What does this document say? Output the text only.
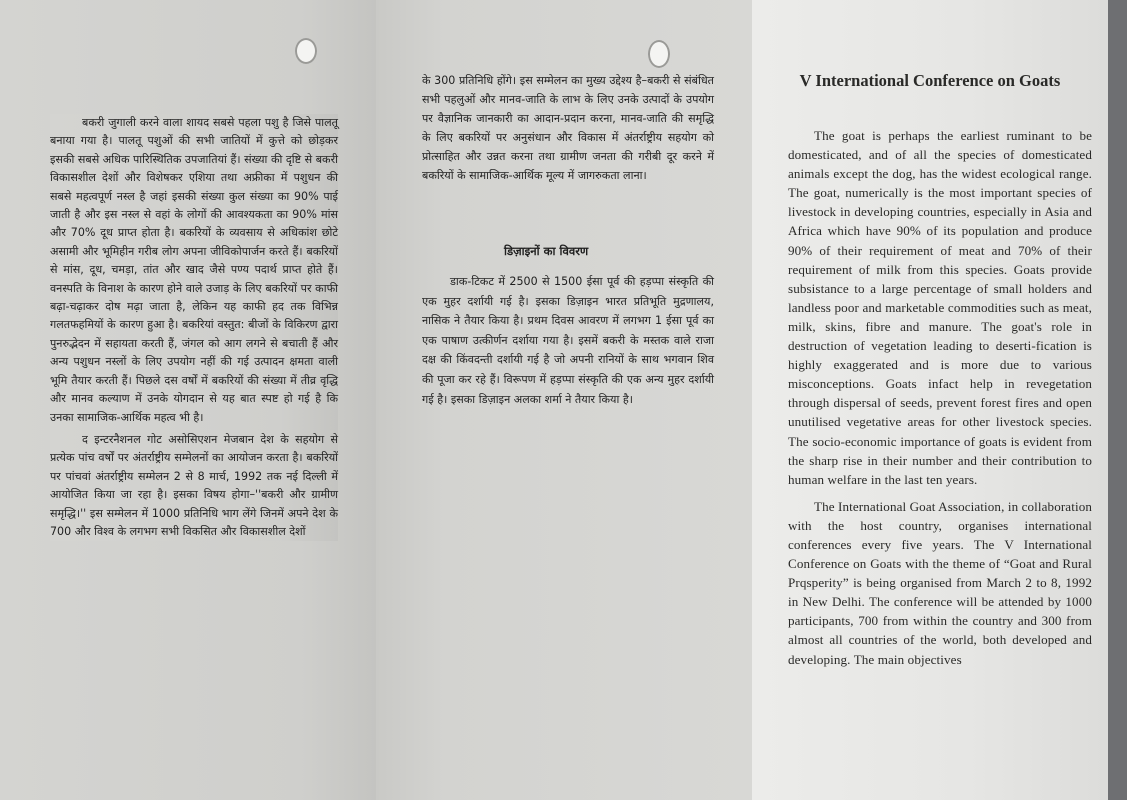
बकरी जुगाली करने वाला शायद सबसे पहला पशु है जिसे पालतू बनाया गया है। पालतू पशुओं की सभी जातियों में कुत्ते को छोड़कर इसकी सबसे अधिक पारिस्थितिक उपजातियां हैं। संख्या की दृष्टि से बकरी विकासशील देशों और विशेषकर एशिया तथा अफ्रीका में पशुधन की सबसे महत्वपूर्ण नस्ल है जहां इसकी संख्या कुल संख्या का 90% पाई जाती है और इस नस्ल से वहां के लोगों की आवश्यकता का 90% मांस और 70% दूध प्राप्त होता है। बकरियों के व्यवसाय से अधिकांश छोटे असामी और भूमिहीन गरीब लोग अपना जीविकोपार्जन करते हैं। बकरियों से मांस, दूध, चमड़ा, तांत और खाद जैसे पण्य पदार्थ प्राप्त होते हैं। वनस्पति के विनाश के कारण होने वाले उजाड़ के लिए बकरियों पर काफी बढ़ा-चढ़ाकर दोष मढ़ा जाता है, लेकिन यह काफी हद तक विभिन्न गलतफहमियों के कारण हुआ है। बकरियां वस्तुत: बीजों के विकिरण द्वारा पुनरुद्भेदन में सहायता करती हैं, जंगल को आग लगने से बचाती हैं और अन्य पशुधन नस्लों के लिए उपयोग नहीं की गई उत्पादन क्षमता वाली भूमि तैयार करती हैं। पिछले दस वर्षों में बकरियों की संख्या में तीव्र वृद्धि और मानव कल्याण में उनके योगदान से यह बात स्पष्ट हो गई है कि उनका सामाजिक-आर्थिक महत्व भी है।

द इन्टरनैशनल गोट असोसिएशन मेजबान देश के सहयोग से प्रत्येक पांच वर्षों पर अंतर्राष्ट्रीय सम्मेलनों का आयोजन करता है। बकरियों पर पांचवां अंतर्राष्ट्रीय सम्मेलन 2 से 8 मार्च, 1992 तक नई दिल्ली में आयोजित किया जा रहा है। इसका विषय होगा–''बकरी और ग्रामीण समृद्धि।'' इस सम्मेलन में 1000 प्रतिनिधि भाग लेंगे जिनमें अपने देश के 700 और विश्व के लगभग सभी विकसित और विकासशील देशों

के 300 प्रतिनिधि होंगे। इस सम्मेलन का मुख्य उद्देश्य है–बकरी से संबंधित सभी पहलुओं और मानव-जाति के लाभ के लिए उनके उत्पादों के उपयोग पर वैज्ञानिक जानकारी का आदान-प्रदान करना, मानव-जाति की समृद्धि के लिए बकरियों पर अनुसंधान और विकास में अंतर्राष्ट्रीय सहयोग को प्रोत्साहित और उन्नत करना तथा ग्रामीण जनता की गरीबी दूर करने में बकरियों के सामाजिक-आर्थिक मूल्य में जागरुकता लाना।

डिज़ाइनों का विवरण

डाक-टिकट में 2500 से 1500 ईसा पूर्व की हड़प्पा संस्कृति की एक मुहर दर्शायी गई है। इसका डिज़ाइन भारत प्रतिभूति मुद्रणालय, नासिक ने तैयार किया है। प्रथम दिवस आवरण में लगभग 1 ईसा पूर्व का एक पाषाण उत्कीर्णन दर्शाया गया है। इसमें बकरी के मस्तक वाले राजा दक्ष की किंवदन्ती दर्शायी गई है जो अपनी रानियों के साथ भगवान शिव की पूजा कर रहे हैं। विरूपण में हड़प्पा संस्कृति की एक अन्य मुहर दर्शायी गई है। इसका डिज़ाइन अलका शर्मा ने तैयार किया है।

V International Conference on Goats

The goat is perhaps the earliest ruminant to be domesticated, and of all the species of domesticated animals except the dog, has the widest ecological range. The goat, numerically is the most important species of livestock in developing countries, especially in Asia and Africa which have 90% of its population and produce 90% of their requirement of meat and 70% of their requirement of milk from this species. Goats provide subsistance to a large percentage of small holders and landless poor and marketable commodities such as meat, milk, skins, fibre and manure. The goat's role in destruction of vegetation leading to deserti-fication is highly exaggerated and is more due to various misconceptions. Goats infact help in revegetation through dispersal of seeds, prevent forest fires and open unutilised vegetative areas for other livestock species. The socio-economic importance of goats is evident from the sharp rise in their number and their contribution to human welfare in the last ten years.

The International Goat Association, in collaboration with the host country, organises international conferences every five years. The V International Conference on Goats with the theme of “Goat and Rural Prqsperity” is being organised from March 2 to 8, 1992 in New Delhi. The conference will be attended by 1000 participants, 700 from within the country and 300 from almost all countries of the world, both developed and developing. The main objectives
